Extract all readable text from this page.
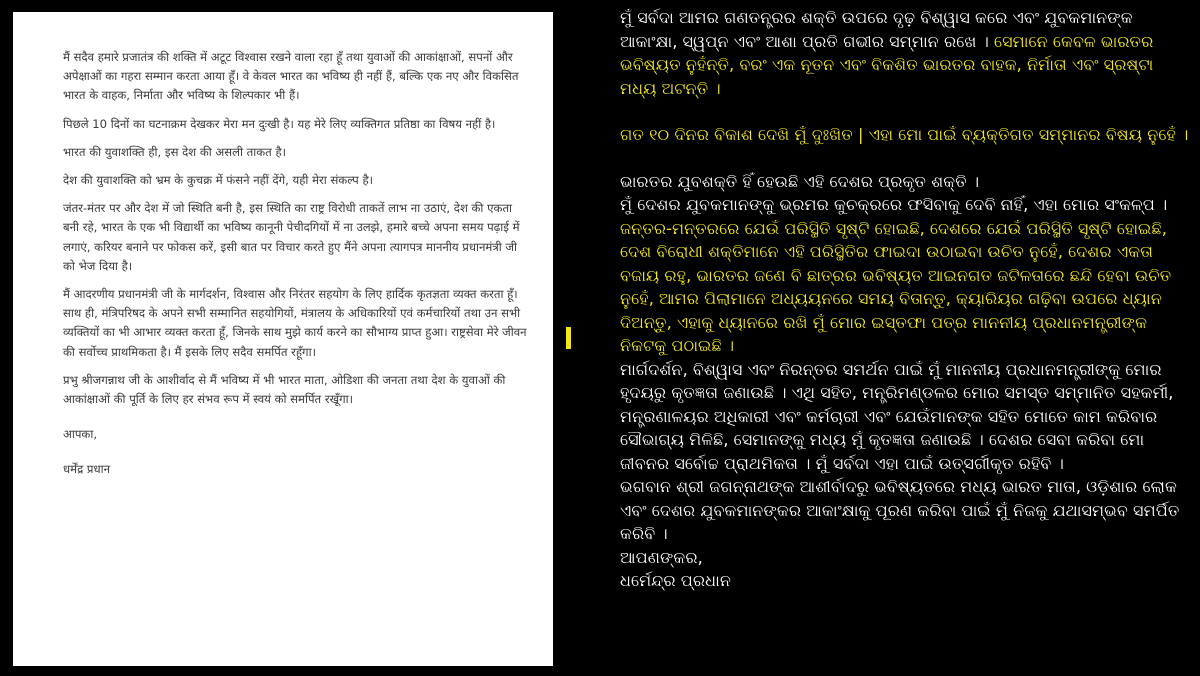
मैं सदैव हमारे प्रजातंत्र की शक्ति में अटूट विश्वास रखने वाला रहा हूँ तथा युवाओं की आकांक्षाओं, सपनों और अपेक्षाओं का गहरा सम्मान करता आया हूँ। वे केवल भारत का भविष्य ही नहीं हैं, बल्कि एक नए और विकसित भारत के वाहक, निर्माता और भविष्य के शिल्पकार भी हैं।

पिछले 10 दिनों का घटनाक्रम देखकर मेरा मन दुःखी है। यह मेरे लिए व्यक्तिगत प्रतिष्ठा का विषय नहीं है।

भारत की युवाशक्ति ही, इस देश की असली ताकत है।

देश की युवाशक्ति को भ्रम के कुचक्र में फंसने नहीं देंगे, यही मेरा संकल्प है।

जंतर-मंतर पर और देश में जो स्थिति बनी है, इस स्थिति का राष्ट्र विरोधी ताकतें लाभ ना उठाएं, देश की एकता बनी रहे, भारत के एक भी विद्यार्थी का भविष्य कानूनी पेचीदगियों में ना उलझे, हमारे बच्चे अपना समय पढ़ाई में लगाएं, करियर बनाने पर फोकस करें, इसी बात पर विचार करते हुए मैंने अपना त्यागपत्र माननीय प्रधानमंत्री जी को भेज दिया है।

मैं आदरणीय प्रधानमंत्री जी के मार्गदर्शन, विश्वास और निरंतर सहयोग के लिए हार्दिक कृतज्ञता व्यक्त करता हूँ। साथ ही, मंत्रिपरिषद के अपने सभी सम्मानित सहयोगियों, मंत्रालय के अधिकारियों एवं कर्मचारियों तथा उन सभी व्यक्तियों का भी आभार व्यक्त करता हूँ, जिनके साथ मुझे कार्य करने का सौभाग्य प्राप्त हुआ। राष्ट्रसेवा मेरे जीवन की सर्वोच्च प्राथमिकता है। मैं इसके लिए सदैव समर्पित रहूँगा।

प्रभु श्रीजगन्नाथ जी के आशीर्वाद से मैं भविष्य में भी भारत माता, ओडिशा की जनता तथा देश के युवाओं की आकांक्षाओं की पूर्ति के लिए हर संभव रूप में स्वयं को समर्पित रखूँगा।

आपका,

धर्मेंद्र प्रधान

ମୁଁ ସର୍ବଦା ଆମର ଗଣତନ୍ତ୍ରର ଶକ୍ତି ଉପରେ ଦୃଢ଼ ବିଶ୍ୱାସ କରେ ଏବଂ ଯୁବକମାନଙ୍କ ଆକାଂକ୍ଷା, ସ୍ୱପ୍ନ ଏବଂ ଆଶା ପ୍ରତି ଗଭୀର ସମ୍ମାନ ରଖେ । ସେମାନେ କେବଳ ଭାରତର ଭବିଷ୍ୟତ ନୁହଁନ୍ତି, ବରଂ ଏକ ନୂତନ ଏବଂ ବିକଶିତ ଭାରତର ବାହକ, ନିର୍ମାତା ଏବଂ ସ୍ରଷ୍ଟା ମଧ୍ୟ ଅଟନ୍ତି ।

ଗତ ୧୦ ଦିନର ବିକାଶ ଦେଖି ମୁଁ ଦୁଃଖିତ | ଏହା ମୋ ପାଇଁ ବ୍ୟକ୍ତିଗତ ସମ୍ମାନର ବିଷୟ ନୁହେଁ ।

ଭାରତର ଯୁବଶକ୍ତି ହିଁ ହେଉଛି ଏହି ଦେଶର ପ୍ରକୃତ ଶକ୍ତି ।

ମୁଁ ଦେଶର ଯୁବକମାନଙ୍କୁ ଭ୍ରମର କୁଚକ୍ରରେ ଫସିବାକୁ ଦେବି ନାହିଁ, ଏହା ମୋର ସଂକଳ୍ପ ।

ଜନ୍ତର-ମନ୍ତରରେ ଯେଉଁ ପରିସ୍ଥିତି ସୃଷ୍ଟି ହୋଇଛି, ଦେଶରେ ଯେଉଁ ପରିସ୍ଥିତି ସୃଷ୍ଟି ହୋଇଛି, ଦେଶ ବିରୋଧୀ ଶକ୍ତିମାନେ ଏହି ପରିସ୍ଥିତିର ଫାଇଦା ଉଠାଇବା ଉଚିତ ନୁହେଁ, ଦେଶର ଏକତା ବଜାୟ ରହୁ, ଭାରତର ଜଣେ ବି ଛାତ୍ରର ଭବିଷ୍ୟତ ଆଇନଗତ ଜଟିଳତାରେ ଛନ୍ଦି ହେବା ଉଚିତ ନୁହେଁ, ଆମର ପିଲାମାନେ ଅଧ୍ୟୟନରେ ସମୟ ବିତାନ୍ତୁ, କ୍ୟାରିୟର ଗଢ଼ିବା ଉପରେ ଧ୍ୟାନ ଦିଅନ୍ତୁ, ଏହାକୁ ଧ୍ୟାନରେ ରଖି ମୁଁ ମୋର ଇସ୍ତଫା ପତ୍ର ମାନନୀୟ ପ୍ରଧାନମନ୍ତ୍ରୀଙ୍କ ନିକଟକୁ ପଠାଇଛି ।

ମାର୍ଗଦର୍ଶନ, ବିଶ୍ୱାସ ଏବଂ ନିରନ୍ତର ସମର୍ଥନ ପାଇଁ ମୁଁ ମାନନୀୟ ପ୍ରଧାନମନ୍ତ୍ରୀଙ୍କୁ ମୋର ହୃଦୟରୁ କୃତଜ୍ଞତା ଜଣାଉଛି । ଏଥି ସହିତ, ମନ୍ତ୍ରିମଣ୍ଡଳର ମୋର ସମସ୍ତ ସମ୍ମାନିତ ସହକର୍ମୀ, ମନ୍ତ୍ରଣାଳୟର ଅଧିକାରୀ ଏବଂ କର୍ମଚାରୀ ଏବଂ ଯେଉଁମାନଙ୍କ ସହିତ ମୋତେ କାମ କରିବାର ସୌଭାଗ୍ୟ ମିଳିଛି, ସେମାନଙ୍କୁ ମଧ୍ୟ ମୁଁ କୃତଜ୍ଞତା ଜଣାଉଛି । ଦେଶର ସେବା କରିବା ମୋ ଜୀବନର ସର୍ବୋଚ୍ଚ ପ୍ରାଥମିକତା । ମୁଁ ସର୍ବଦା ଏହା ପାଇଁ ଉତ୍ସର୍ଗୀକୃତ ରହିବି ।

ଭଗବାନ ଶ୍ରୀ ଜଗନ୍ନାଥଙ୍କ ଆଶୀର୍ବାଦରୁ ଭବିଷ୍ୟତରେ ମଧ୍ୟ ଭାରତ ମାତା, ଓଡ଼ିଶାର ଲୋକ ଏବଂ ଦେଶର ଯୁବକମାନଙ୍କର ଆକାଂକ୍ଷାକୁ ପୂରଣ କରିବା ପାଇଁ ମୁଁ ନିଜକୁ ଯଥାସମ୍ଭବ ସମର୍ପିତ କରିବି ।

ଆପଣଙ୍କର,

ଧର୍ମେନ୍ଦ୍ର ପ୍ରଧାନ
